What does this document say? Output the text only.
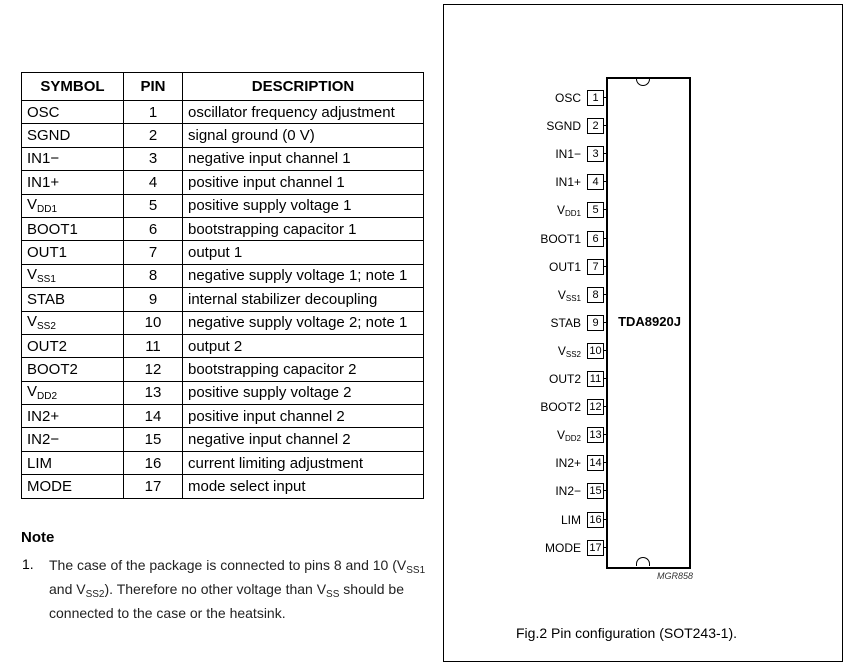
SYMBOL	PIN	DESCRIPTION
OSC	1	oscillator frequency adjustment
SGND	2	signal ground (0 V)
IN1−	3	negative input channel 1
IN1+	4	positive input channel 1
$V_{DD1}$	5	positive supply voltage 1
BOOT1	6	bootstrapping capacitor 1
OUT1	7	output 1
$V_{SS1}$	8	negative supply voltage 1; note 1
STAB	9	internal stabilizer decoupling
$V_{SS2}$	10	negative supply voltage 2; note 1
OUT2	11	output 2
BOOT2	12	bootstrapping capacitor 2
$V_{DD2}$	13	positive supply voltage 2
IN2+	14	positive input channel 2
IN2−	15	negative input channel 2
LIM	16	current limiting adjustment
MODE	17	mode select input
Note
1. The case of the package is connected to pins 8 and 10 ($V_{SS1}$ and $V_{SS2}$). Therefore no other voltage than $V_{SS}$ should be connected to the case or the heatsink.
TDA8920J
OSC	1
SGND	2
IN1−	3
IN1+	4
VDD1	5
BOOT1	6
OUT1	7
VSS1	8
STAB	9
VSS2 10
OUT2 11
BOOT2 12
VDD2 13
IN2+ 14
IN2− 15
LIM 16
MODE 17
MGR858
Fig.2 Pin configuration (SOT243-1).
